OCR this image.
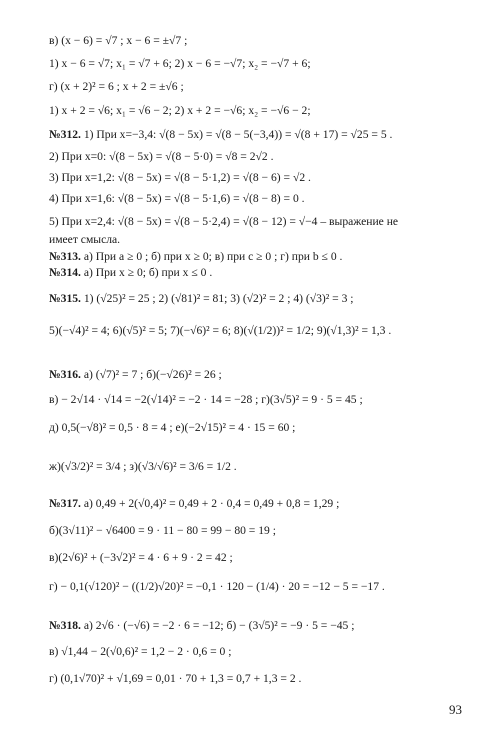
в) (x − 6) = √7 ; x − 6 = ±√7 ;
1) x − 6 = √7; x₁ = √7 + 6; 2) x − 6 = −√7; x₂ = −√7 + 6;
г) (x + 2)² = 6 ; x + 2 = ±√6 ;
1) x + 2 = √6; x₁ = √6 − 2; 2) x + 2 = −√6; x₂ = −√6 − 2;
№312. 1) При x=−3,4: √(8 − 5x) = √(8 − 5(−3,4)) = √(8 + 17) = √25 = 5 .
2) При x=0: √(8 − 5x) = √(8 − 5·0) = √8 = 2√2 .
3) При x=1,2: √(8 − 5x) = √(8 − 5·1,2) = √(8 − 6) = √2 .
4) При x=1,6: √(8 − 5x) = √(8 − 5·1,6) = √(8 − 8) = 0 .
5) При x=2,4: √(8 − 5x) = √(8 − 5·2,4) = √(8 − 12) = √−4 – выражение не
имеет смысла.
№313. а) При a ≥ 0 ; б) при x ≥ 0; в) при c ≥ 0 ; г) при b ≤ 0 .
№314. а) При x ≥ 0; б) при x ≤ 0 .
№315. 1) (√25)² = 25 ; 2) (√81)² = 81; 3) (√2)² = 2 ; 4) (√3)² = 3 ;
5)(−√4)² = 4; 6)(√5)² = 5; 7)(−√6)² = 6; 8)(√(1/2))² = 1/2; 9)(√1,3)² = 1,3 .
№316. а) (√7)² = 7 ; б)(−√26)² = 26 ;
в) − 2√14 · √14 = −2(√14)² = −2 · 14 = −28 ; г)(3√5)² = 9 · 5 = 45 ;
д) 0,5(−√8)² = 0,5 · 8 = 4 ; е)(−2√15)² = 4 · 15 = 60 ;
ж)(√3/2)² = 3/4 ; з)(√3/√6)² = 3/6 = 1/2 .
№317. а) 0,49 + 2(√0,4)² = 0,49 + 2 · 0,4 = 0,49 + 0,8 = 1,29 ;
б)(3√11)² − √6400 = 9 · 11 − 80 = 99 − 80 = 19 ;
в)(2√6)² + (−3√2)² = 4 · 6 + 9 · 2 = 42 ;
г) − 0,1(√120)² − ((1/2)√20)² = −0,1 · 120 − (1/4) · 20 = −12 − 5 = −17 .
№318. а) 2√6 · (−√6) = −2 · 6 = −12; б) − (3√5)² = −9 · 5 = −45 ;
в) √1,44 − 2(√0,6)² = 1,2 − 2 · 0,6 = 0 ;
г) (0,1√70)² + √1,69 = 0,01 · 70 + 1,3 = 0,7 + 1,3 = 2 .
93
